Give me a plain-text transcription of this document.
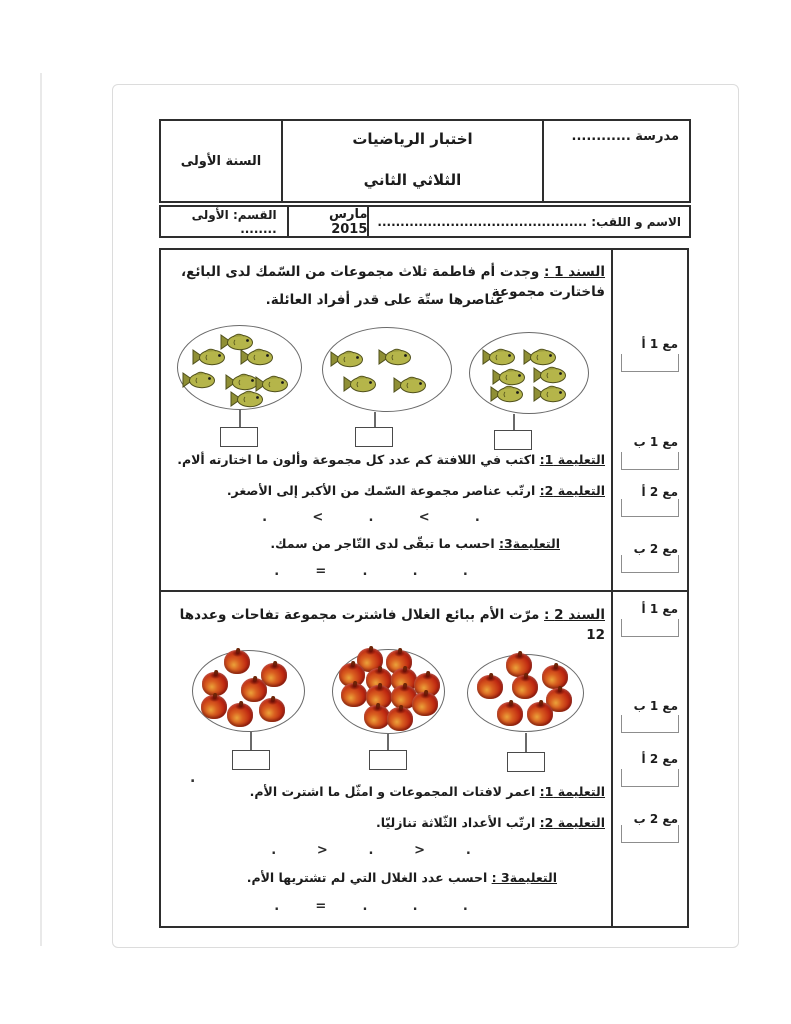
السنة الأولى
اختبار الرياضيات
الثلاثي الثاني
مدرسة ............
القسم: الأولى ........
مارس 2015 الاسم و اللقب: ..............................................
السند 1 : وجدت أم فاطمة ثلاث مجموعات من السّمك لدى البائع، فاختارت مجموعة
عناصرها ستّة على قدر أفراد العائلة.
.          <          .          <          .
.        =        .          .          .
التعليمة 1: اكتب في اللافتة كم عدد كل مجموعة وألون ما اختارته ألام.
التعليمة 2: ارتّب عناصر مجموعة السّمك من الأكبر إلى الأصغر.
التعليمة3: احسب ما تبقّى لدى التّاجر من سمك.
مع 1 أ
مع 1 ب
مع 2 أ
مع 2 ب
السند 2 : مرّت الأم ببائع الغلال فاشترت مجموعة تفاحات وعددها 12
.
.         >         .         >         .
.        =        .          .          .
التعليمة 1: اعمر لافتات المجموعات و امثّل ما اشترت الأم.
التعليمة 2: ارتّب الأعداد الثّلاثة تنازليّا.
التعليمة3 : احسب عدد الغلال التي لم تشتريها الأم.
مع 1 أ
مع 1 ب
مع 2 أ
مع 2 ب
